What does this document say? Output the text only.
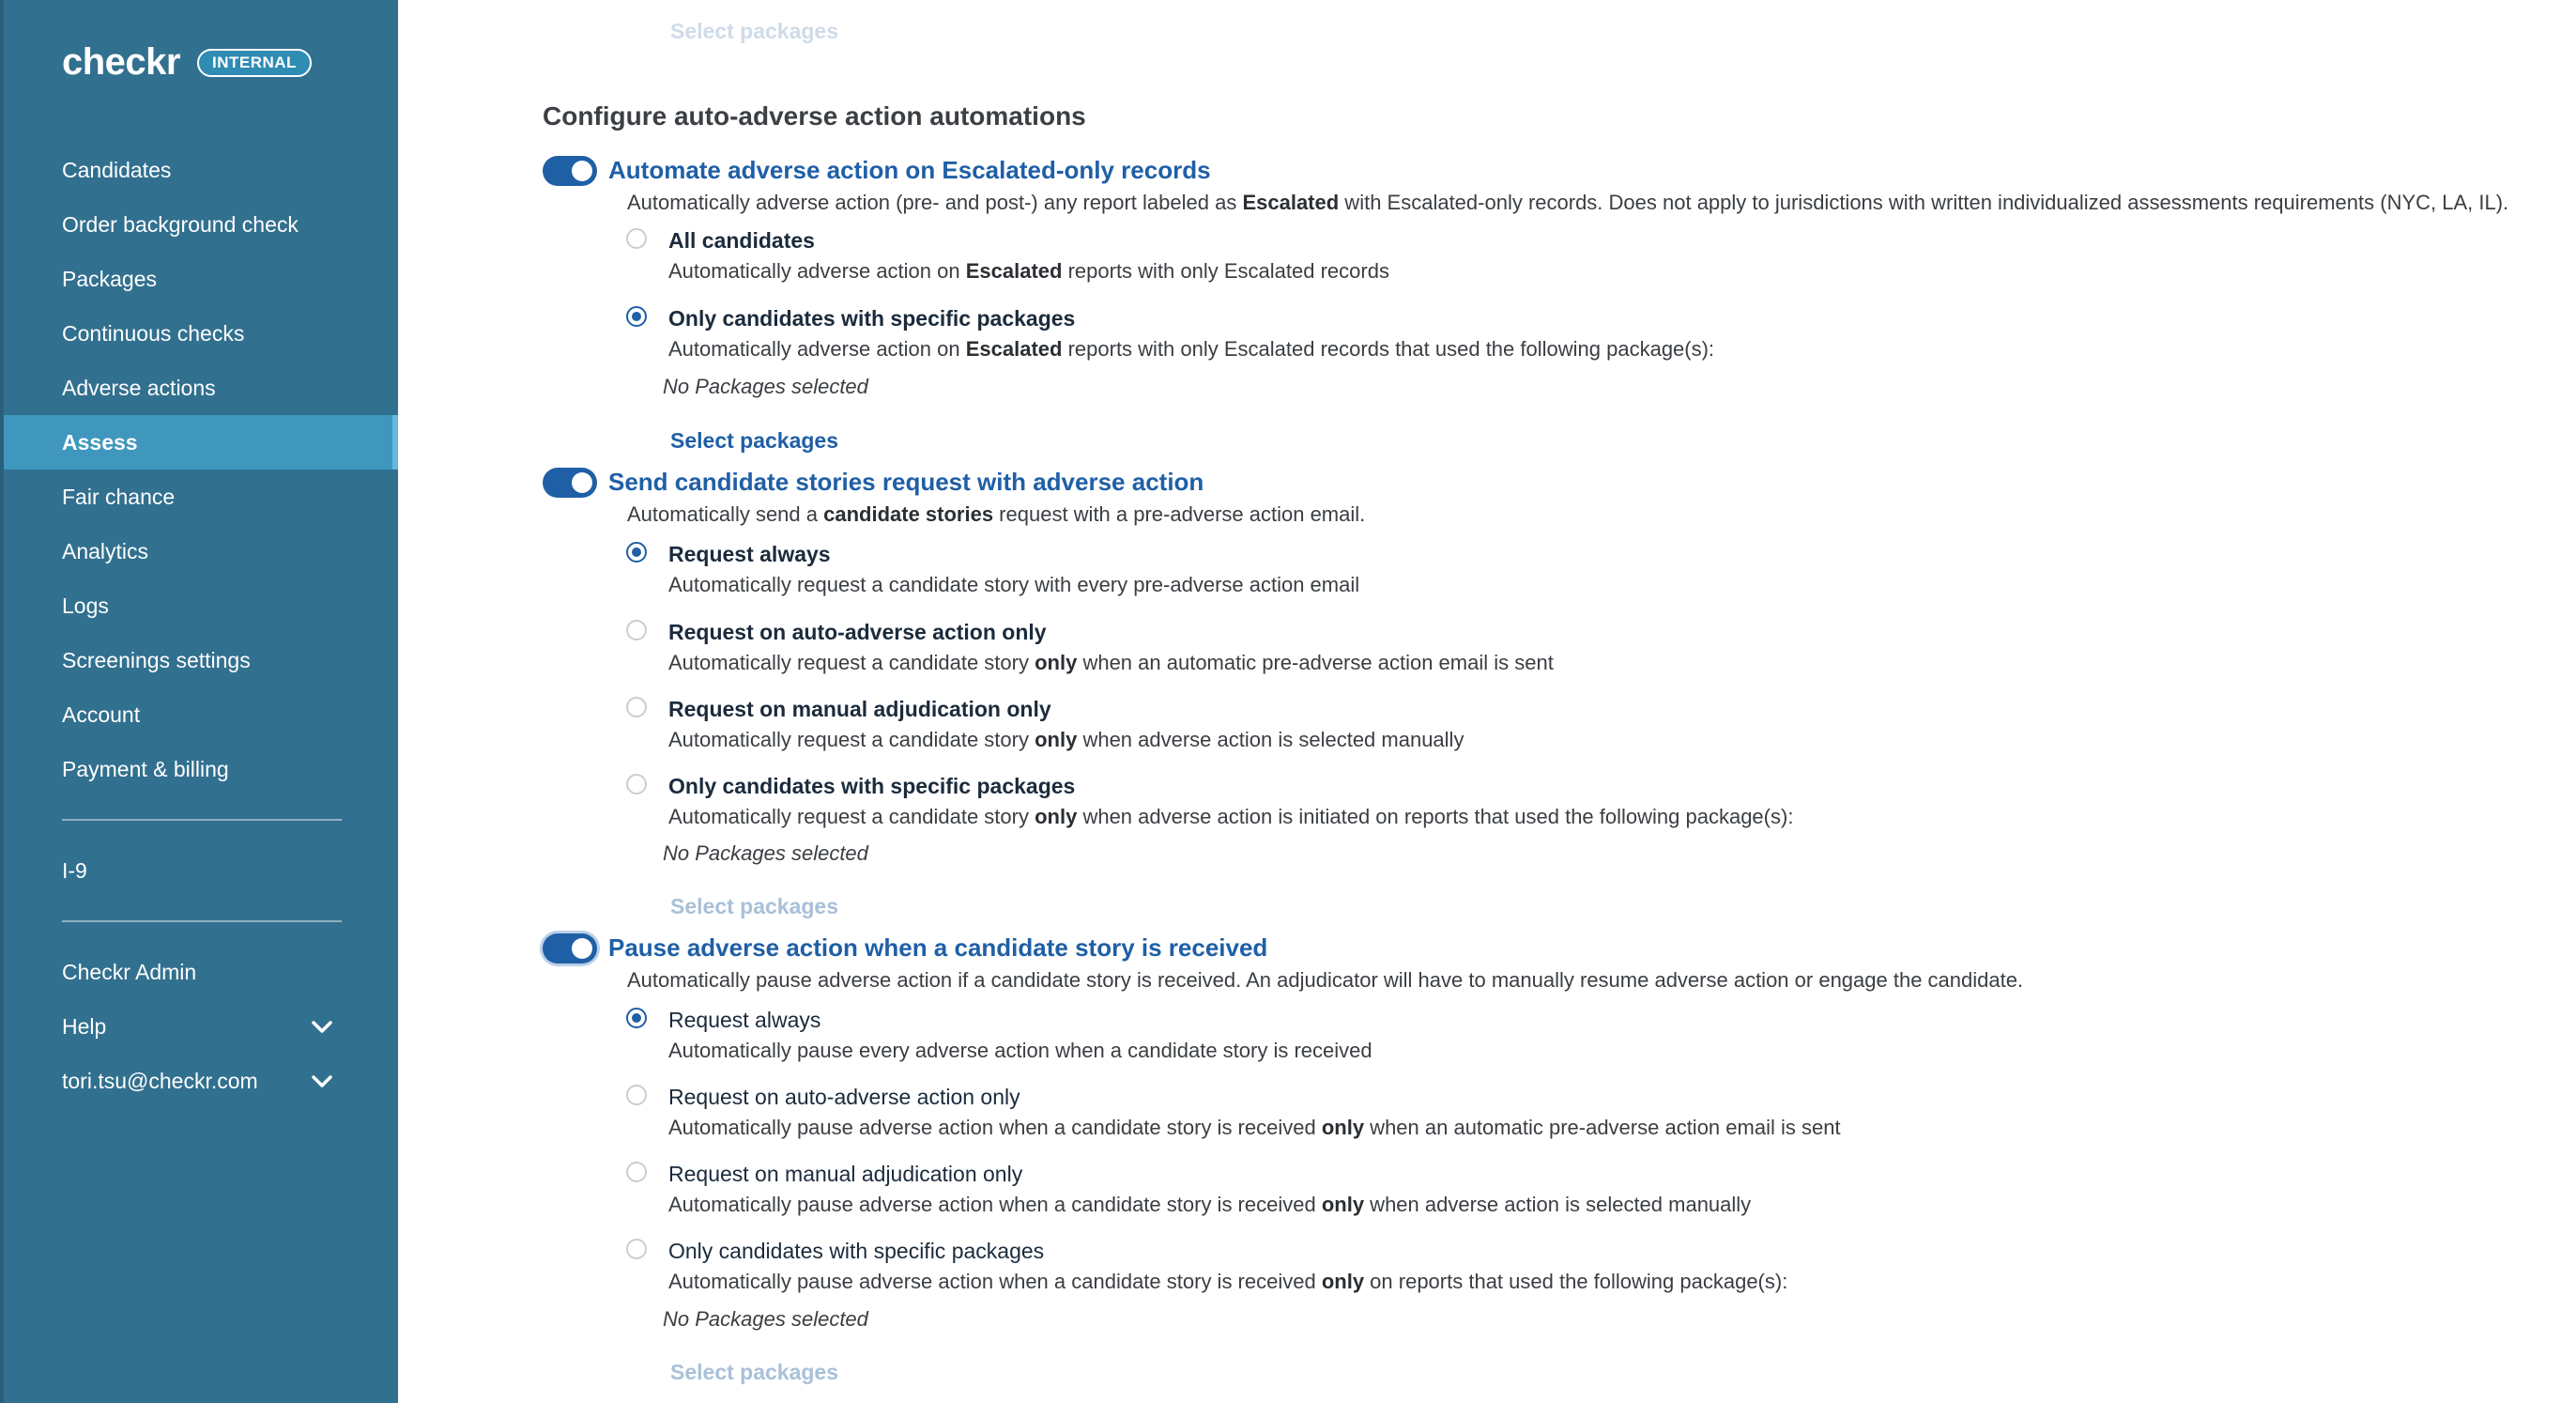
checkr	INTERNAL
Candidates
Order background check
Packages
Continuous checks
Adverse actions
Assess
Fair chance
Analytics
Logs
Screenings settings
Account
Payment & billing
I-9
Checkr Admin
Help
tori.tsu@checkr.com
Select packages
Configure auto-adverse action automations
Automate adverse action on Escalated-only records
Automatically adverse action (pre- and post-) any report labeled as Escalated with Escalated-only records. Does not apply to jurisdictions with written individualized assessments requirements (NYC, LA, IL).
All candidates
Automatically adverse action on Escalated reports with only Escalated records
Only candidates with specific packages
Automatically adverse action on Escalated reports with only Escalated records that used the following package(s):
No Packages selected
Select packages
Send candidate stories request with adverse action
Automatically send a candidate stories request with a pre-adverse action email.
Request always
Automatically request a candidate story with every pre-adverse action email
Request on auto-adverse action only
Automatically request a candidate story only when an automatic pre-adverse action email is sent
Request on manual adjudication only
Automatically request a candidate story only when adverse action is selected manually
Only candidates with specific packages
Automatically request a candidate story only when adverse action is initiated on reports that used the following package(s):
No Packages selected
Select packages
Pause adverse action when a candidate story is received
Automatically pause adverse action if a candidate story is received. An adjudicator will have to manually resume adverse action or engage the candidate.
Request always
Automatically pause every adverse action when a candidate story is received
Request on auto-adverse action only
Automatically pause adverse action when a candidate story is received only when an automatic pre-adverse action email is sent
Request on manual adjudication only
Automatically pause adverse action when a candidate story is received only when adverse action is selected manually
Only candidates with specific packages
Automatically pause adverse action when a candidate story is received only on reports that used the following package(s):
No Packages selected
Select packages
